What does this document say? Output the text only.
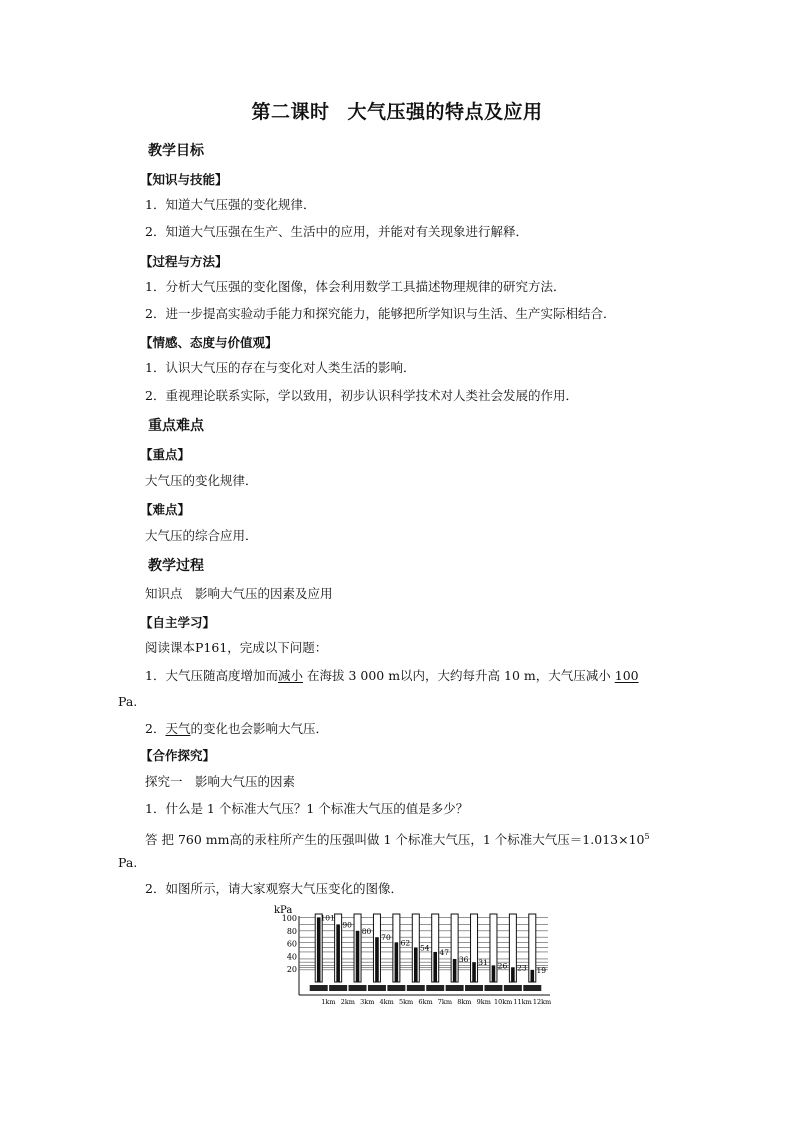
第二课时 大气压强的特点及应用
教学目标
【知识与技能】
1．知道大气压强的变化规律．
2．知道大气压强在生产、生活中的应用，并能对有关现象进行解释．
【过程与方法】
1．分析大气压强的变化图像，体会利用数学工具描述物理规律的研究方法．
2．进一步提高实验动手能力和探究能力，能够把所学知识与生活、生产实际相结合．
【情感、态度与价值观】
1．认识大气压的存在与变化对人类生活的影响．
2．重视理论联系实际，学以致用，初步认识科学技术对人类社会发展的作用．
重点难点
【重点】
大气压的变化规律．
【难点】
大气压的综合应用．
教学过程
知识点　影响大气压的因素及应用
【自主学习】
阅读课本P161，完成以下问题：
1．大气压随高度增加而减小 在海拔 3 000 m以内，大约每升高 10 m，大气压减小 100
Pa.
2．天气的变化也会影响大气压．
【合作探究】
探究一　影响大气压的因素
1．什么是 1 个标准大气压？1 个标准大气压的值是多少？
答 把 760 mm高的汞柱所产生的压强叫做 1 个标准大气压，1 个标准大气压$=1.013\times 10^5$
Pa.
2．如图所示，请大家观察大气压变化的图像．
kPa
100
80
60
40
20
101
90
80
70
62
54 47
36 31 26 23 19
1km 2km 3km 4km 5km 6km 7km 8km 9km 10km 11km 12km
